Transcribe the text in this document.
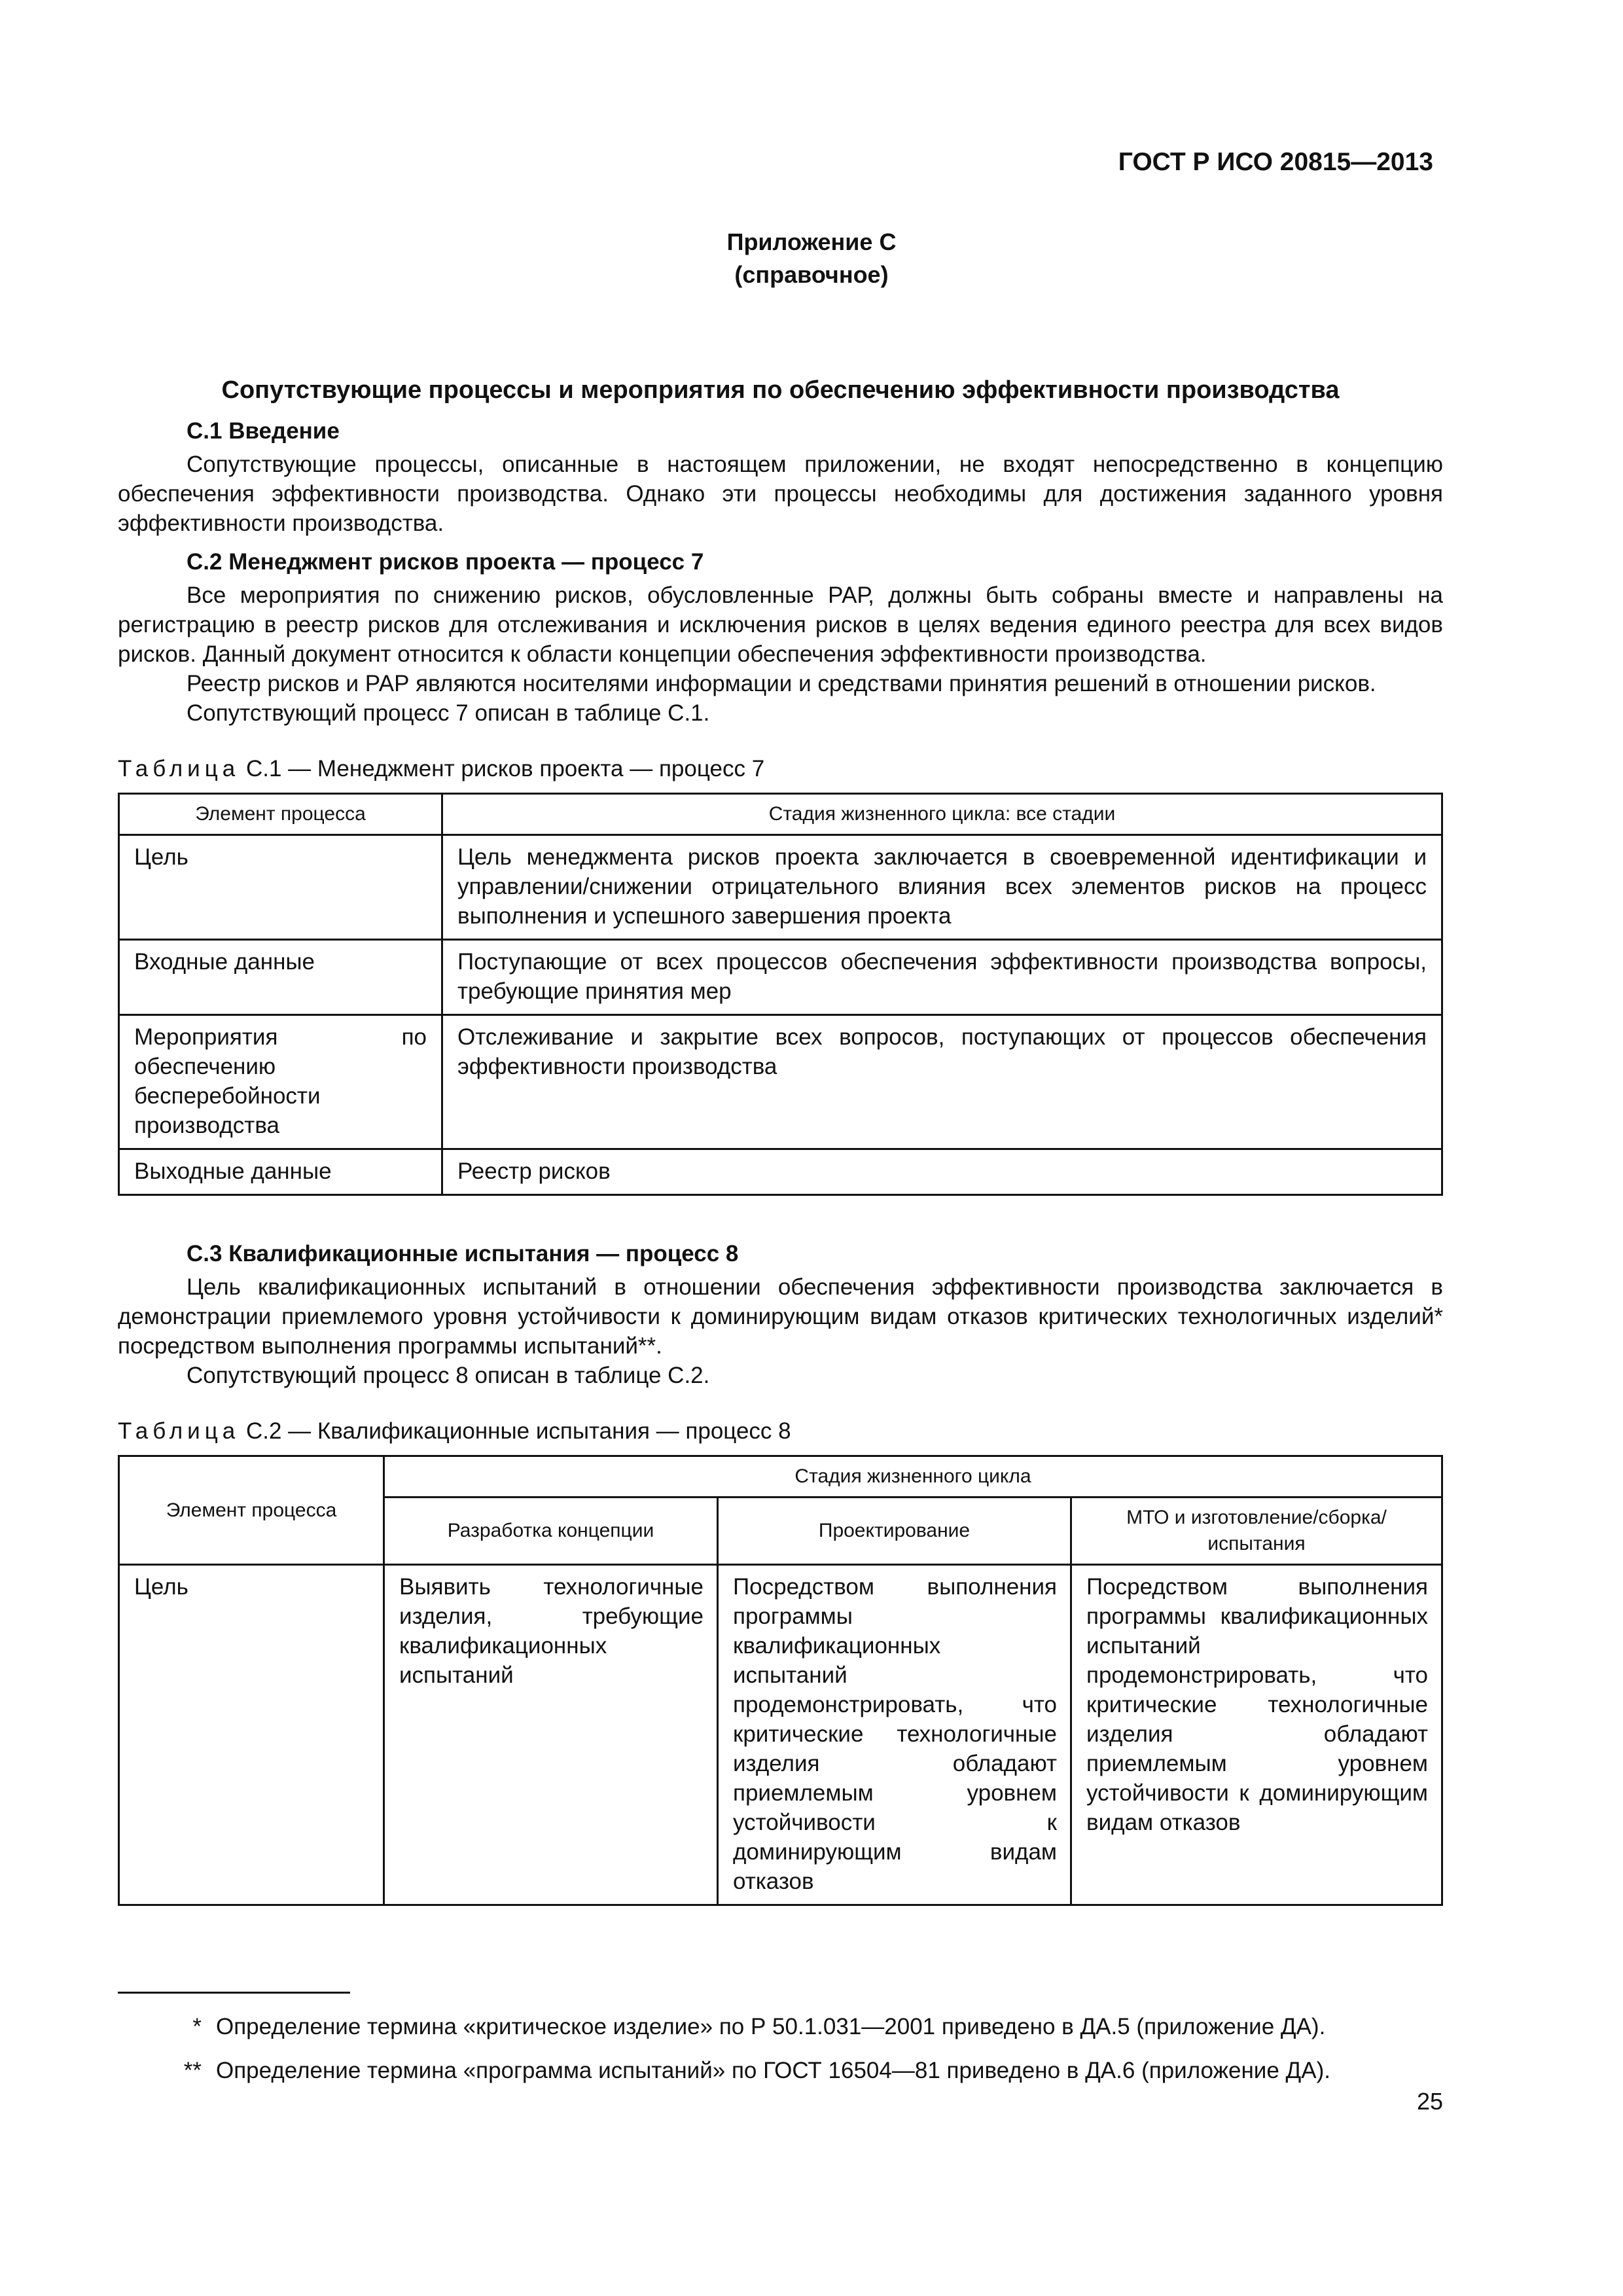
ГОСТ Р ИСО 20815—2013
Приложение С
(справочное)
Сопутствующие процессы и мероприятия по обеспечению эффективности производства
С.1 Введение

Сопутствующие процессы, описанные в настоящем приложении, не входят непосредственно в концепцию обеспечения эффективности производства. Однако эти процессы необходимы для достижения заданного уровня эффективности производства.

С.2 Менеджмент рисков проекта — процесс 7

Все мероприятия по снижению рисков, обусловленные РАР, должны быть собраны вместе и направлены на регистрацию в реестр рисков для отслеживания и исключения рисков в целях ведения единого реестра для всех видов рисков. Данный документ относится к области концепции обеспечения эффективности производства.

Реестр рисков и РАР являются носителями информации и средствами принятия решений в отношении рисков.

Сопутствующий процесс 7 описан в таблице С.1.

Таблица С.1 — Менеджмент рисков проекта — процесс 7
Элемент процесса	Стадия жизненного цикла: все стадии
Цель	Цель менеджмента рисков проекта заключается в своевременной идентификации и управлении/снижении отрицательного влияния всех элементов рисков на процесс выполнения и успешного завершения проекта
Входные данные	Поступающие от всех процессов обеспечения эффективности производства вопросы, требующие принятия мер
Мероприятия по обеспечению бесперебойности производства	Отслеживание и закрытие всех вопросов, поступающих от процессов обеспечения эффективности производства
Выходные данные	Реестр рисков
С.3 Квалификационные испытания — процесс 8

Цель квалификационных испытаний в отношении обеспечения эффективности производства заключается в демонстрации приемлемого уровня устойчивости к доминирующим видам отказов критических технологичных изделий* посредством выполнения программы испытаний**.

Сопутствующий процесс 8 описан в таблице С.2.

Таблица С.2 — Квалификационные испытания — процесс 8
Элемент процесса	Стадия жизненного цикла		
	Разработка концепции	Проектирование	МТО и изготовление/сборка/ испытания
Цель	Выявить технологичные изделия, требующие квалификационных испытаний	Посредством выполнения программы квалификационных испытаний продемонстрировать, что критические технологичные изделия обладают приемлемым уровнем устойчивости к доминирующим видам отказов	Посредством выполнения программы квалификационных испытаний продемонстрировать, что критические технологичные изделия обладают приемлемым уровнем устойчивости к доминирующим видам отказов
* Определение термина «критическое изделие» по Р 50.1.031—2001 приведено в ДА.5 (приложение ДА).
** Определение термина «программа испытаний» по ГОСТ 16504—81 приведено в ДА.6 (приложение ДА).
25
